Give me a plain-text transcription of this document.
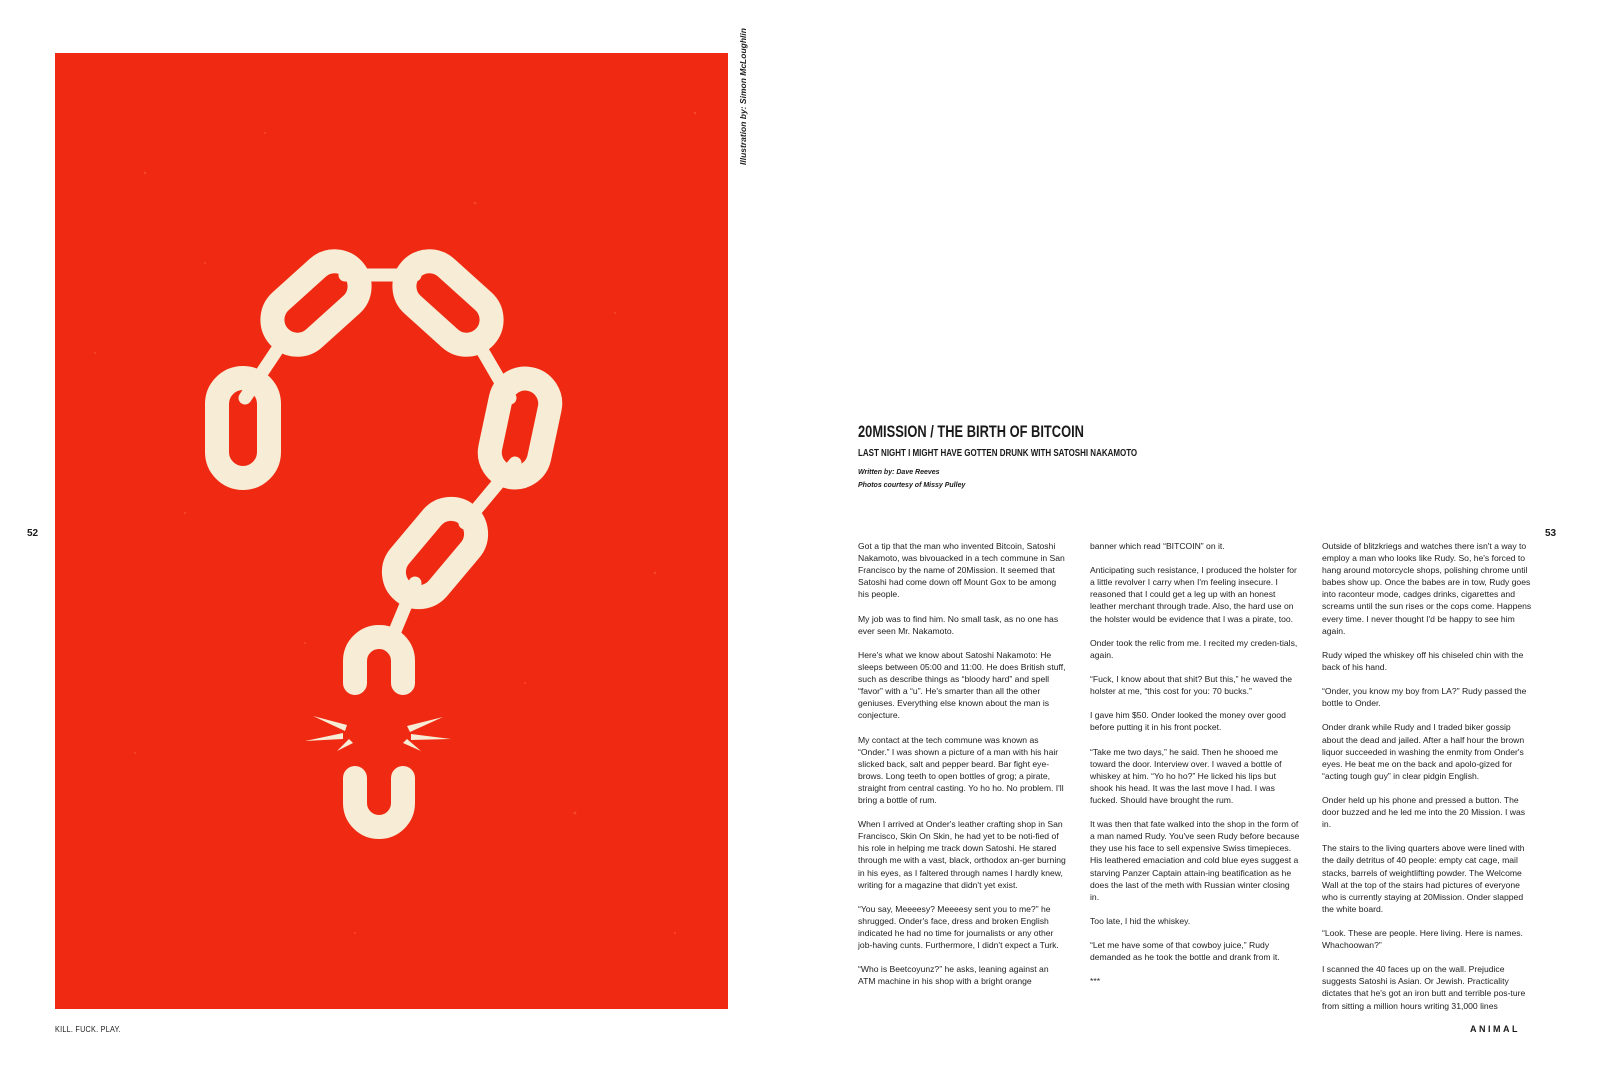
Illustration by: Simon McLoughlin
52	53
KILL. FUCK. PLAY.	ANIMAL
20MISSION / THE BIRTH OF BITCOIN
LAST NIGHT I MIGHT HAVE GOTTEN DRUNK WITH SATOSHI NAKAMOTO
Written by: Dave Reeves
Photos courtesy of Missy Pulley

Got a tip that the man who invented Bitcoin, Satoshi Nakamoto, was bivouacked in a tech commune in San Francisco by the name of 20Mission. It seemed that Satoshi had come down off Mount Gox to be among his people.

My job was to find him. No small task, as no one has ever seen Mr. Nakamoto.

Here's what we know about Satoshi Nakamoto: He sleeps between 05:00 and 11:00. He does British stuff, such as describe things as “bloody hard” and spell “favor” with a “u”. He's smarter than all the other geniuses. Everything else known about the man is conjecture.

My contact at the tech commune was known as “Onder.” I was shown a picture of a man with his hair slicked back, salt and pepper beard. Bar fight eye-brows. Long teeth to open bottles of grog; a pirate, straight from central casting. Yo ho ho. No problem. I'll bring a bottle of rum.

When I arrived at Onder's leather crafting shop in San Francisco, Skin On Skin, he had yet to be noti-fied of his role in helping me track down Satoshi. He stared through me with a vast, black, orthodox an-ger burning in his eyes, as I faltered through names I hardly knew, writing for a magazine that didn't yet exist.

“You say, Meeeesy? Meeeesy sent you to me?” he shrugged. Onder's face, dress and broken English indicated he had no time for journalists or any other job-having cunts. Furthermore, I didn't expect a Turk.

“Who is Beetcoyunz?” he asks, leaning against an ATM machine in his shop with a bright orange

banner which read “BITCOIN” on it.

Anticipating such resistance, I produced the holster for a little revolver I carry when I'm feeling insecure. I reasoned that I could get a leg up with an honest leather merchant through trade. Also, the hard use on the holster would be evidence that I was a pirate, too.

Onder took the relic from me. I recited my creden-tials, again.

“Fuck, I know about that shit? But this,” he waved the holster at me, “this cost for you: 70 bucks.”

I gave him $50. Onder looked the money over good before putting it in his front pocket.

“Take me two days,” he said. Then he shooed me toward the door. Interview over. I waved a bottle of whiskey at him. “Yo ho ho?” He licked his lips but shook his head. It was the last move I had. I was fucked. Should have brought the rum.

It was then that fate walked into the shop in the form of a man named Rudy. You've seen Rudy before because they use his face to sell expensive Swiss timepieces. His leathered emaciation and cold blue eyes suggest a starving Panzer Captain attain-ing beatification as he does the last of the meth with Russian winter closing in.

Too late, I hid the whiskey.

“Let me have some of that cowboy juice,” Rudy demanded as he took the bottle and drank from it.

***

Outside of blitzkriegs and watches there isn't a way to employ a man who looks like Rudy. So, he's forced to hang around motorcycle shops, polishing chrome until babes show up. Once the babes are in tow, Rudy goes into raconteur mode, cadges drinks, cigarettes and screams until the sun rises or the cops come. Happens every time. I never thought I'd be happy to see him again.

Rudy wiped the whiskey off his chiseled chin with the back of his hand.

“Onder, you know my boy from LA?” Rudy passed the bottle to Onder.

Onder drank while Rudy and I traded biker gossip about the dead and jailed. After a half hour the brown liquor succeeded in washing the enmity from Onder's eyes. He beat me on the back and apolo-gized for “acting tough guy” in clear pidgin English.

Onder held up his phone and pressed a button. The door buzzed and he led me into the 20 Mission. I was in.

The stairs to the living quarters above were lined with the daily detritus of 40 people: empty cat cage, mail stacks, barrels of weightlifting powder. The Welcome Wall at the top of the stairs had pictures of everyone who is currently staying at 20Mission. Onder slapped the white board.

“Look. These are people. Here living. Here is names. Whachoowan?”

I scanned the 40 faces up on the wall. Prejudice suggests Satoshi is Asian. Or Jewish. Practicality dictates that he's got an iron butt and terrible pos-ture from sitting a million hours writing 31,000 lines
